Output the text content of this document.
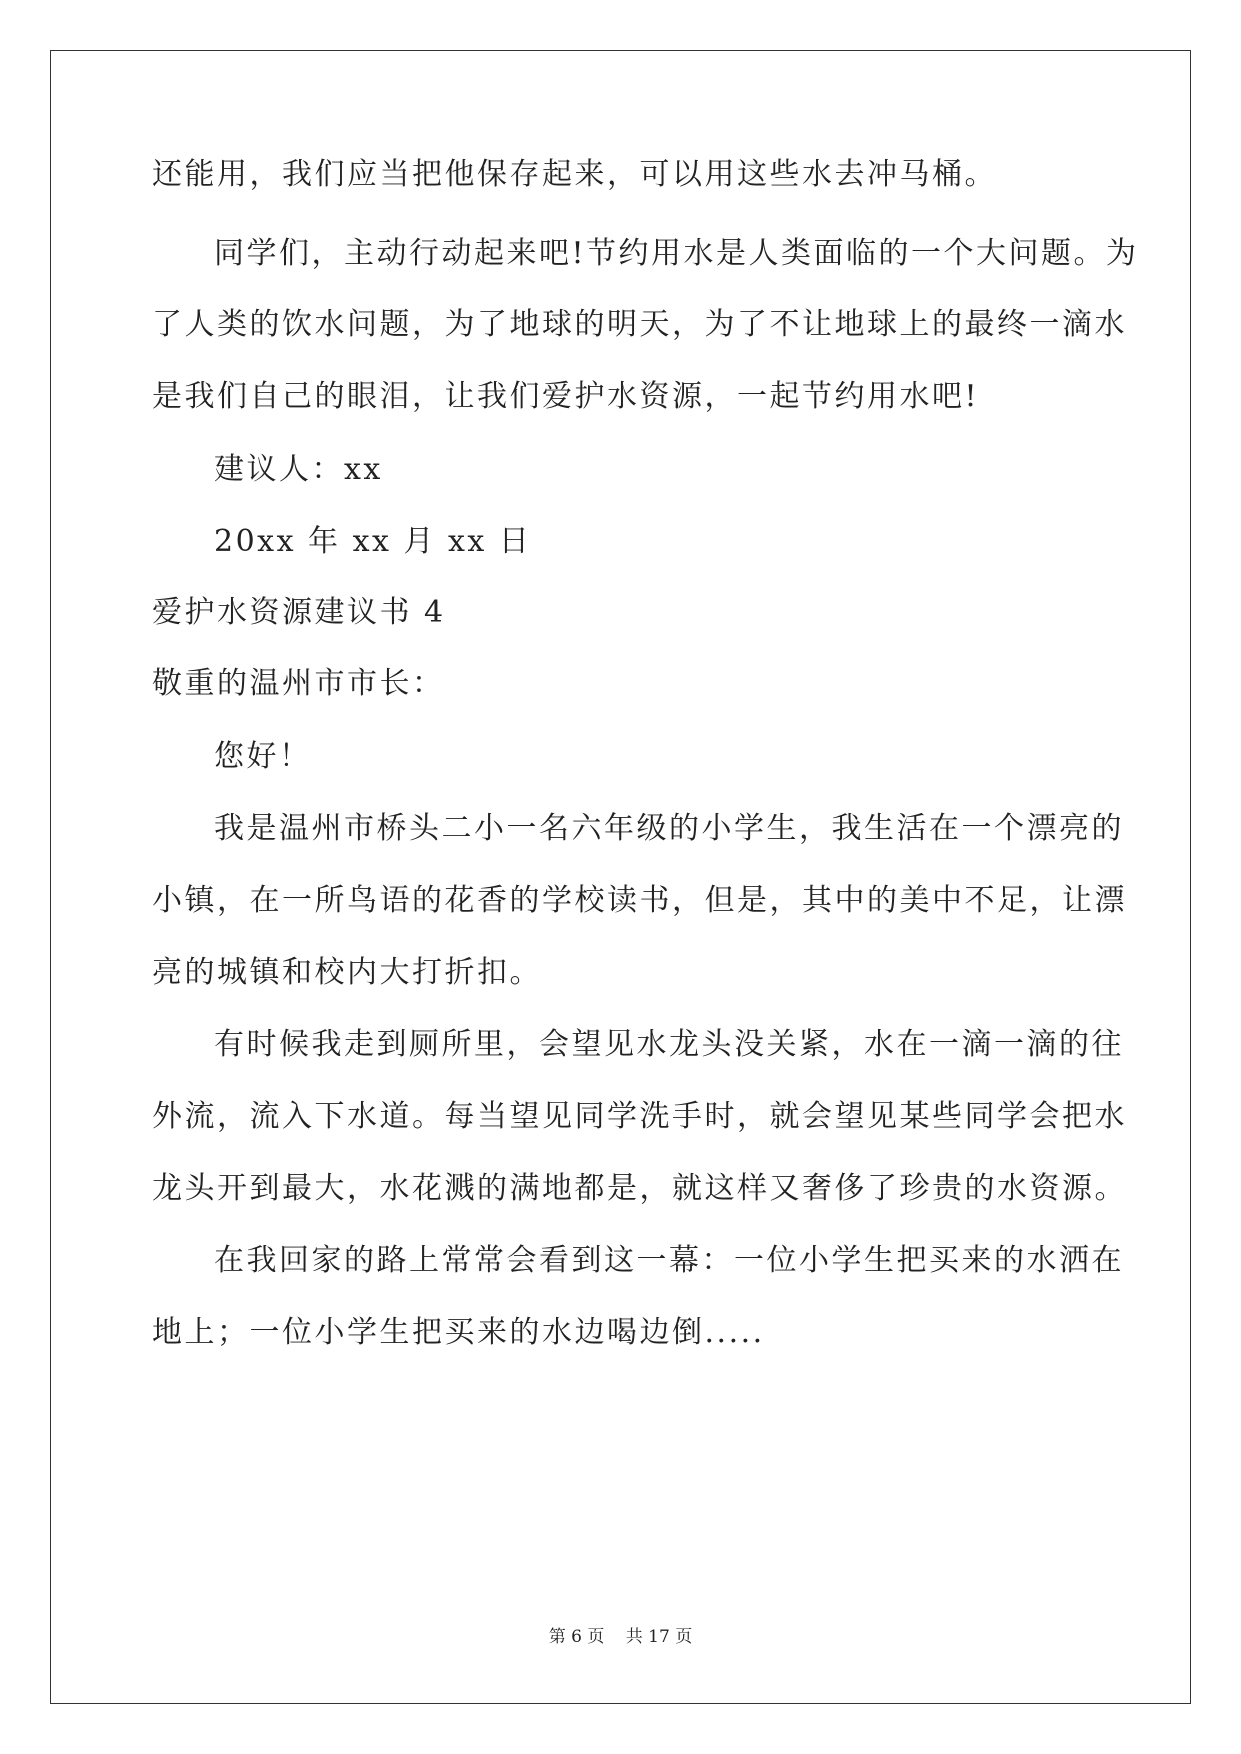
还能用，我们应当把他保存起来，可以用这些水去冲马桶。
同学们，主动行动起来吧!节约用水是人类面临的一个大问题。为
了人类的饮水问题，为了地球的明天，为了不让地球上的最终一滴水
是我们自己的眼泪，让我们爱护水资源，一起节约用水吧!
建议人：xx
20xx 年 xx 月 xx 日
爱护水资源建议书 4
敬重的温州市市长：
您好！
我是温州市桥头二小一名六年级的小学生，我生活在一个漂亮的
小镇，在一所鸟语的花香的学校读书，但是，其中的美中不足，让漂
亮的城镇和校内大打折扣。
有时候我走到厕所里，会望见水龙头没关紧，水在一滴一滴的往
外流，流入下水道。每当望见同学洗手时，就会望见某些同学会把水
龙头开到最大，水花溅的满地都是，就这样又奢侈了珍贵的水资源。
在我回家的路上常常会看到这一幕：一位小学生把买来的水洒在
地上；一位小学生把买来的水边喝边倒.....
第 6 页 共 17 页
